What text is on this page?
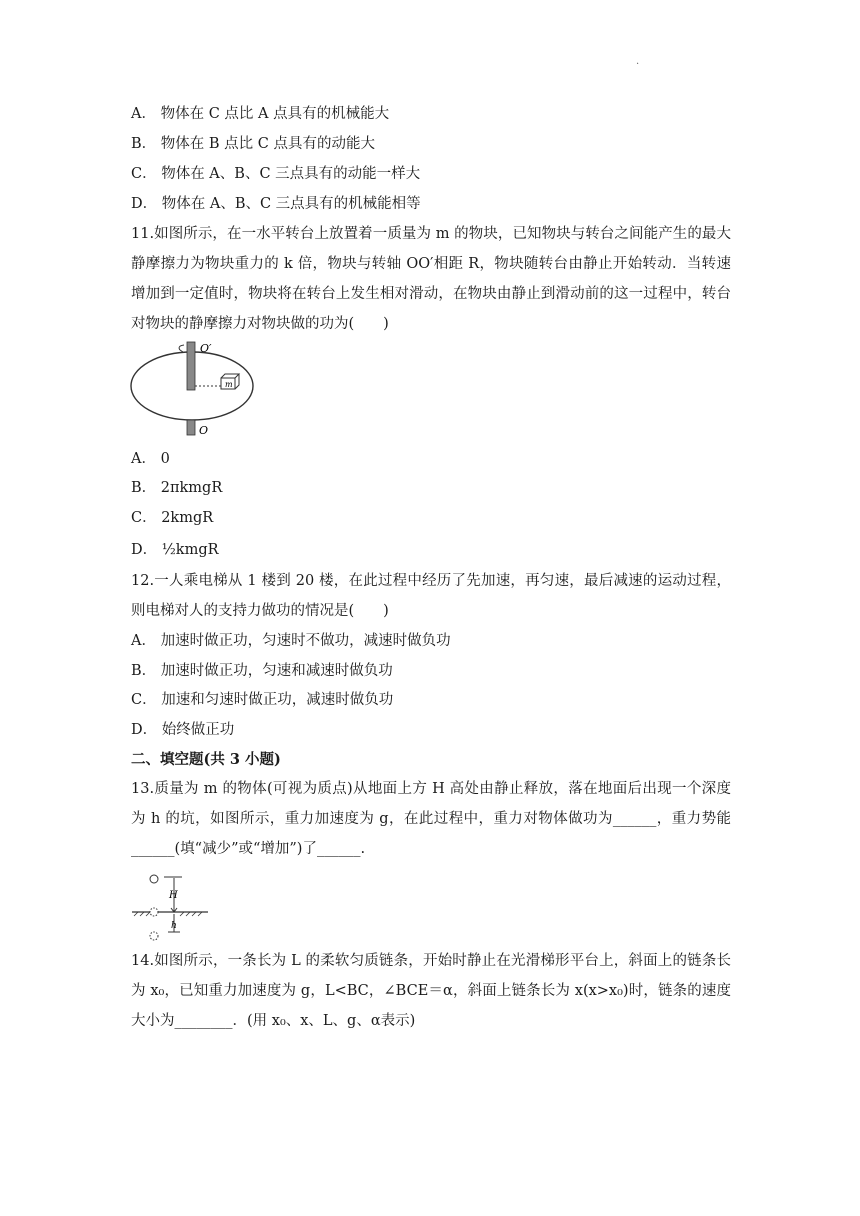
.
A． 物体在 C 点比 A 点具有的机械能大
B． 物体在 B 点比 C 点具有的动能大
C． 物体在 A、B、C 三点具有的动能一样大
D． 物体在 A、B、C 三点具有的机械能相等
11.如图所示，在一水平转台上放置着一质量为 m 的物块，已知物块与转台之间能产生的最大静摩擦力为物块重力的 k 倍，物块与转轴 OO′相距 R，物块随转台由静止开始转动．当转速增加到一定值时，物块将在转台上发生相对滑动，在物块由静止到滑动前的这一过程中，转台对物块的静摩擦力对物块做的功为(　　)
O′
m
O
A． 0
B． 2πkmgR
C． 2kmgR
D． ½kmgR
12.一人乘电梯从 1 楼到 20 楼，在此过程中经历了先加速，再匀速，最后减速的运动过程，则电梯对人的支持力做功的情况是(　　)
A． 加速时做正功，匀速时不做功，减速时做负功
B． 加速时做正功，匀速和减速时做负功
C． 加速和匀速时做正功，减速时做负功
D． 始终做正功
二、填空题(共 3 小题)
13.质量为 m 的物体(可视为质点)从地面上方 H 高处由静止释放，落在地面后出现一个深度为 h 的坑，如图所示，重力加速度为 g，在此过程中，重力对物体做功为______，重力势能______(填“减少”或“增加”)了______.
H
h
14.如图所示，一条长为 L 的柔软匀质链条，开始时静止在光滑梯形平台上，斜面上的链条长为 x₀，已知重力加速度为 g，L<BC，∠BCE＝α，斜面上链条长为 x(x>x₀)时，链条的速度大小为________．(用 x₀、x、L、g、α表示)
